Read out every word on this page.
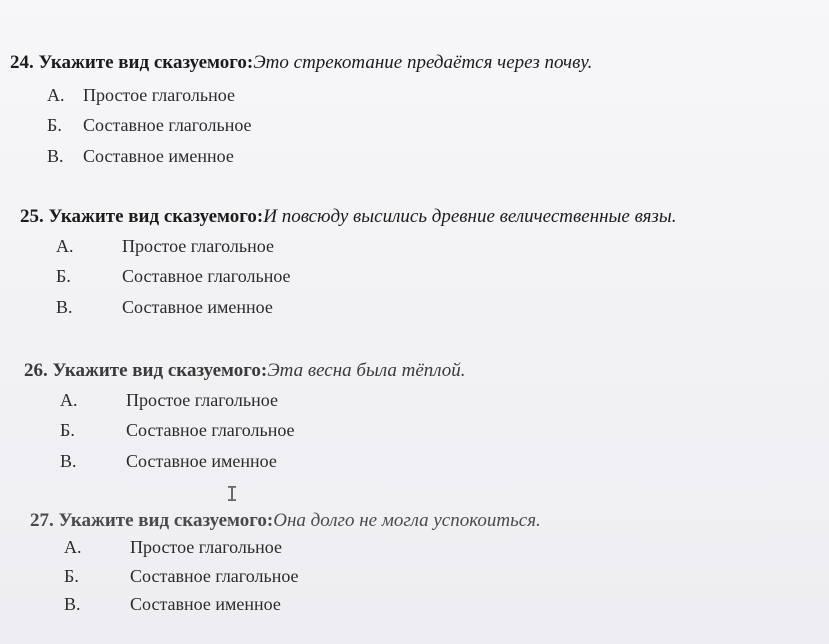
24. Укажите вид сказуемого:Это стрекотание предаётся через почву.
А. Простое глагольное
Б. Составное глагольное
В. Составное именное
25. Укажите вид сказуемого:И повсюду высились древние величественные вязы.
А.	Простое глагольное
Б.	Составное глагольное
В.	Составное именное
26. Укажите вид сказуемого:Эта весна была тёплой.
А.	Простое глагольное
Б.	Составное глагольное
В.	Составное именное
I
27. Укажите вид сказуемого:Она долго не могла успокоиться.
А.	Простое глагольное
Б.	Составное глагольное
В.	Составное именное
